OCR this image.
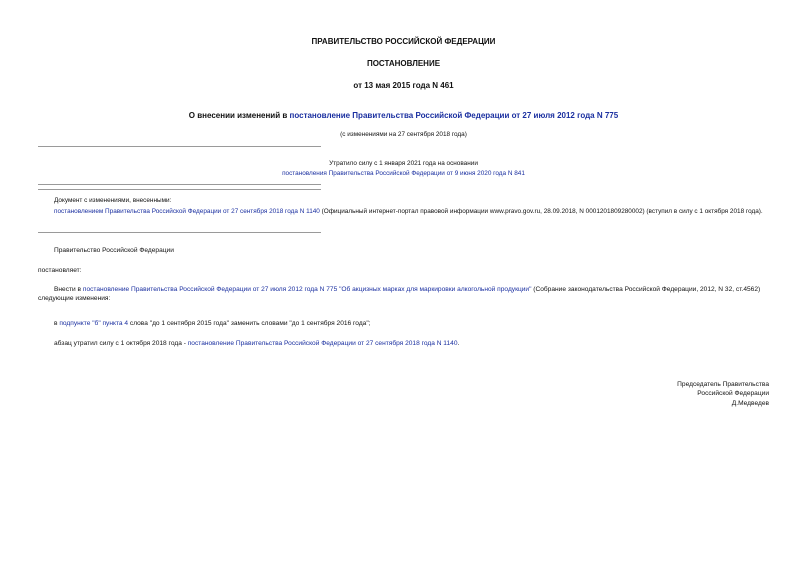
ПРАВИТЕЛЬСТВО РОССИЙСКОЙ ФЕДЕРАЦИИ
ПОСТАНОВЛЕНИЕ
от 13 мая 2015 года N 461
О внесении изменений в постановление Правительства Российской Федерации от 27 июля 2012 года N 775
(с изменениями на 27 сентября 2018 года)
Утратило силу с 1 января 2021 года на основании
постановления Правительства Российской Федерации от 9 июня 2020 года N 841
Документ с изменениями, внесенными:
постановлением Правительства Российской Федерации от 27 сентября 2018 года N 1140 (Официальный интернет-портал правовой информации www.pravo.gov.ru, 28.09.2018, N 0001201809280002) (вступил в силу с 1 октября 2018 года).
Правительство Российской Федерации
постановляет:
Внести в постановление Правительства Российской Федерации от 27 июля 2012 года N 775 "Об акцизных марках для маркировки алкогольной продукции" (Собрание законодательства Российской Федерации, 2012, N 32, ст.4562) следующие изменения:
в подпункте "б" пункта 4 слова "до 1 сентября 2015 года" заменить словами "до 1 сентября 2016 года";
абзац утратил силу с 1 октября 2018 года - постановление Правительства Российской Федерации от 27 сентября 2018 года N 1140.
Председатель Правительства
Российской Федерации
Д.Медведев
